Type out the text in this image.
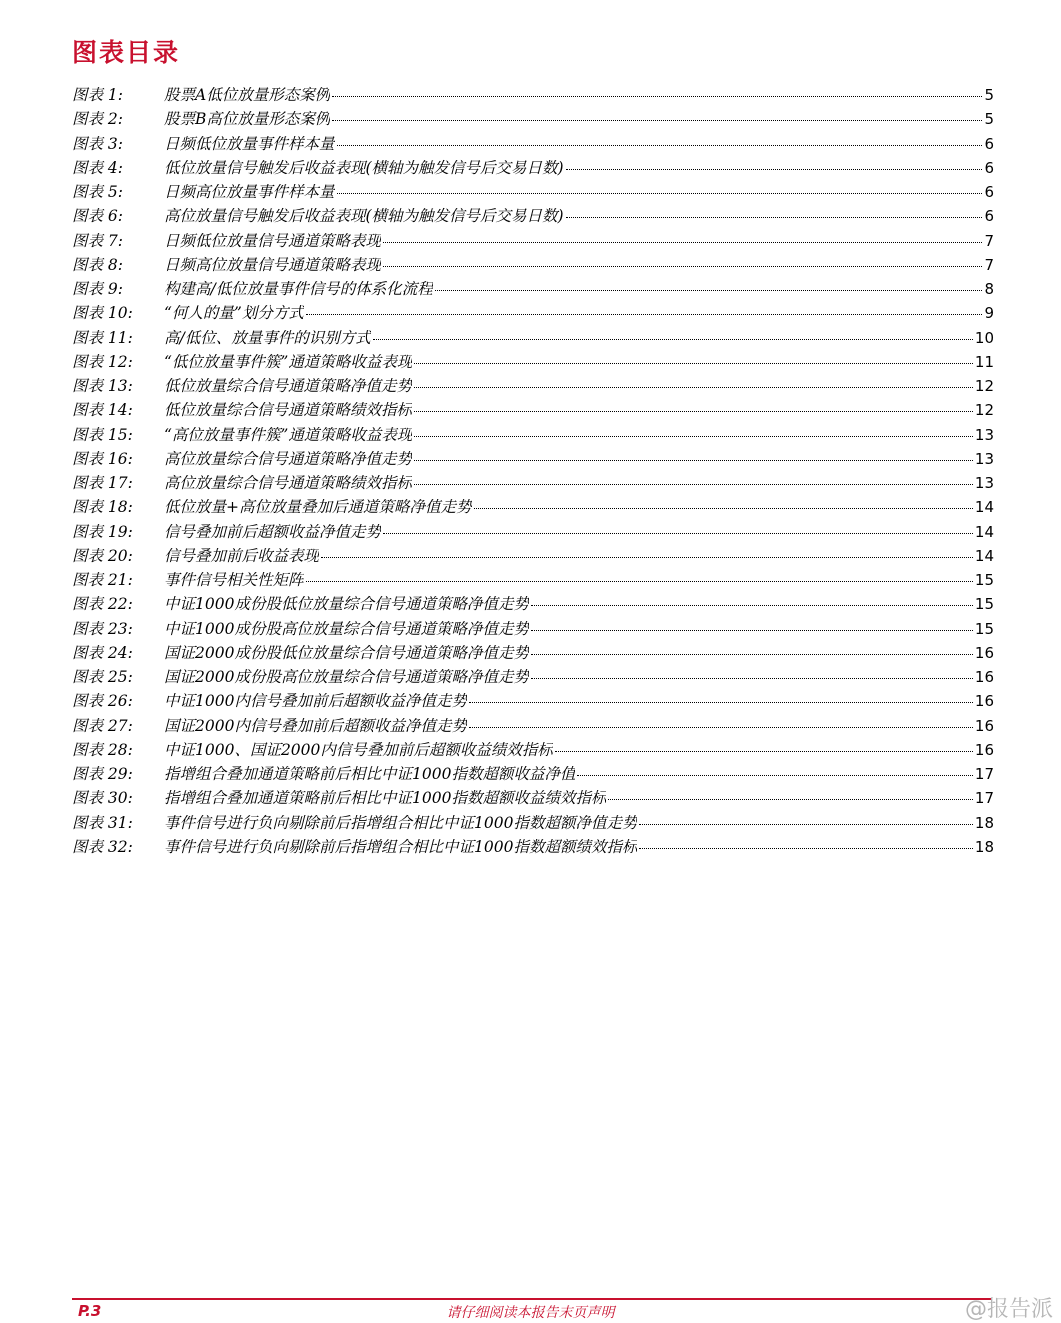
图表目录
图表 1:	股票A低位放量形态案例	5
图表 2:	股票B高位放量形态案例	5
图表 3:	日频低位放量事件样本量	6
图表 4:	低位放量信号触发后收益表现(横轴为触发信号后交易日数)	6
图表 5:	日频高位放量事件样本量	6
图表 6:	高位放量信号触发后收益表现(横轴为触发信号后交易日数)	6
图表 7:	日频低位放量信号通道策略表现	7
图表 8:	日频高位放量信号通道策略表现	7
图表 9:	构建高/低位放量事件信号的体系化流程	8
图表 10:	“何人的量”划分方式	9
图表 11:	高/低位、放量事件的识别方式	10
图表 12:	“低位放量事件簇”通道策略收益表现	11
图表 13:	低位放量综合信号通道策略净值走势	12
图表 14:	低位放量综合信号通道策略绩效指标	12
图表 15:	“高位放量事件簇”通道策略收益表现	13
图表 16:	高位放量综合信号通道策略净值走势	13
图表 17:	高位放量综合信号通道策略绩效指标	13
图表 18:	低位放量+高位放量叠加后通道策略净值走势	14
图表 19:	信号叠加前后超额收益净值走势	14
图表 20:	信号叠加前后收益表现	14
图表 21:	事件信号相关性矩阵	15
图表 22:	中证1000成份股低位放量综合信号通道策略净值走势	15
图表 23:	中证1000成份股高位放量综合信号通道策略净值走势	15
图表 24:	国证2000成份股低位放量综合信号通道策略净值走势	16
图表 25:	国证2000成份股高位放量综合信号通道策略净值走势	16
图表 26:	中证1000内信号叠加前后超额收益净值走势	16
图表 27:	国证2000内信号叠加前后超额收益净值走势	16
图表 28:	中证1000、国证2000内信号叠加前后超额收益绩效指标	16
图表 29:	指增组合叠加通道策略前后相比中证1000指数超额收益净值	17
图表 30:	指增组合叠加通道策略前后相比中证1000指数超额收益绩效指标	17
图表 31:	事件信号进行负向剔除前后指增组合相比中证1000指数超额净值走势	18
图表 32:	事件信号进行负向剔除前后指增组合相比中证1000指数超额绩效指标	18
P.3	请仔细阅读本报告末页声明	@报告派
